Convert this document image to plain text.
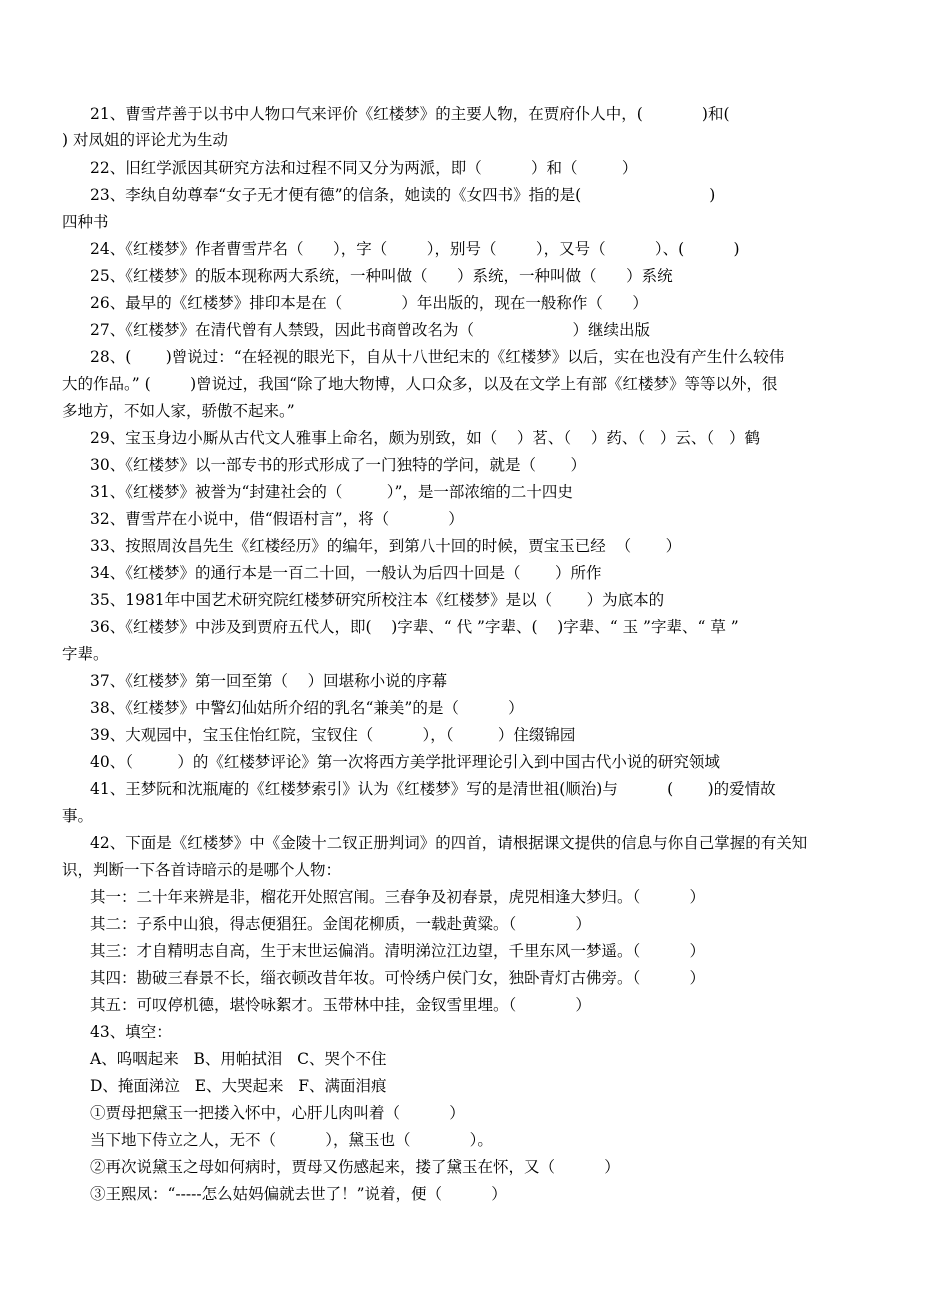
21、曹雪芹善于以书中人物口气来评价《红楼梦》的主要人物，在贾府仆人中，(            )和(
) 对凤姐的评论尤为生动
22、旧红学派因其研究方法和过程不同又分为两派，即（          ）和（         ）
23、李纨自幼尊奉“女子无才便有德”的信条，她读的《女四书》指的是(                          )
四种书
24、《红楼梦》作者曹雪芹名（      ），字（        ），别号（        ），又号（          ）、(          )
25、《红楼梦》的版本现称两大系统，一种叫做（      ）系统，一种叫做（      ）系统
26、最早的《红楼梦》排印本是在（            ）年出版的，现在一般称作（      ）
27、《红楼梦》在清代曾有人禁毁，因此书商曾改名为（                    ）继续出版
28、(       )曾说过：“在轻视的眼光下，自从十八世纪末的《红楼梦》以后，实在也没有产生什么较伟
大的作品。” (        )曾说过，我国“除了地大物博，人口众多，以及在文学上有部《红楼梦》等等以外，很
多地方，不如人家，骄傲不起来。”
29、宝玉身边小厮从古代文人雅事上命名，颇为别致，如（    ）茗、（    ）药、（   ）云、（   ）鹤
30、《红楼梦》以一部专书的形式形成了一门独特的学问，就是（       ）
31、《红楼梦》被誉为“封建社会的（         ）”，是一部浓缩的二十四史
32、曹雪芹在小说中，借“假语村言”，将（            ）
33、按照周汝昌先生《红楼经历》的编年，到第八十回的时候，贾宝玉已经  （       ）
34、《红楼梦》的通行本是一百二十回，一般认为后四十回是（       ）所作
35、1981年中国艺术研究院红楼梦研究所校注本《红楼梦》是以（       ）为底本的
36、《红楼梦》中涉及到贾府五代人，即(    )字辈、“ 代 ”字辈、(    )字辈、“ 玉 ”字辈、“ 草 ”
字辈。
37、《红楼梦》第一回至第（    ）回堪称小说的序幕
38、《红楼梦》中警幻仙姑所介绍的乳名“兼美”的是（          ）
39、大观园中，宝玉住怡红院，宝钗住（          ），（         ）住缀锦园
40、（         ）的《红楼梦评论》第一次将西方美学批评理论引入到中国古代小说的研究领域
41、王梦阮和沈瓶庵的《红楼梦索引》认为《红楼梦》写的是清世祖(顺治)与          (       )的爱情故
事。
42、下面是《红楼梦》中《金陵十二钗正册判词》的四首，请根据课文提供的信息与你自己掌握的有关知
识，判断一下各首诗暗示的是哪个人物：
其一：二十年来辨是非，榴花开处照宫闱。三春争及初春景，虎兕相逢大梦归。（          ）
其二：子系中山狼，得志便猖狂。金闺花柳质，一载赴黄粱。（            ）
其三：才自精明志自高，生于末世运偏消。清明涕泣江边望，千里东风一梦遥。（          ）
其四：勘破三春景不长，缁衣顿改昔年妆。可怜绣户侯门女，独卧青灯古佛旁。（          ）
其五：可叹停机德，堪怜咏絮才。玉带林中挂，金钗雪里埋。（            ）
43、填空：
A、呜咽起来   B、用帕拭泪   C、哭个不住
D、掩面涕泣   E、大哭起来   F、满面泪痕
①贾母把黛玉一把搂入怀中，心肝儿肉叫着（          ）
当下地下侍立之人，无不（          ），黛玉也（            ）。
②再次说黛玉之母如何病时，贾母又伤感起来，搂了黛玉在怀，又（          ）
③王熙凤：“-----怎么姑妈偏就去世了！”说着，便（          ）
